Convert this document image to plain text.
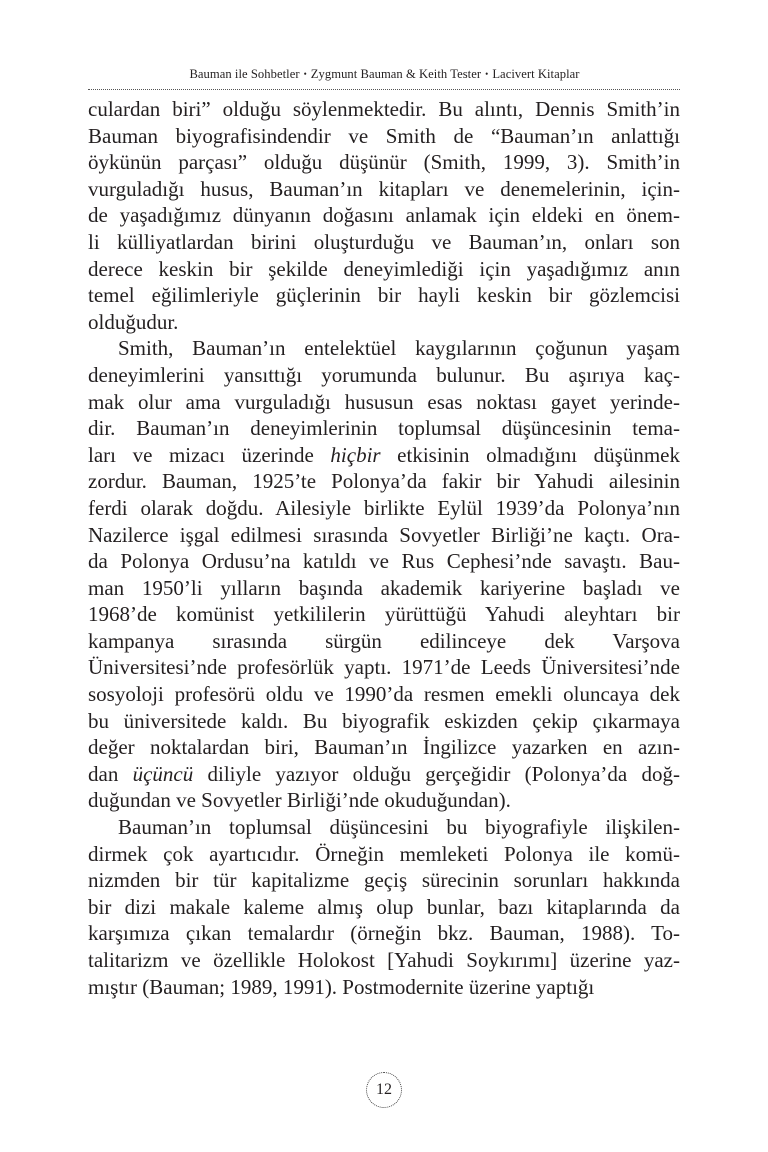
Bauman ile Sohbetler • Zygmunt Bauman & Keith Tester • Lacivert Kitaplar
culardan biri” olduğu söylenmektedir. Bu alıntı, Dennis Smith’in
Bauman biyografisindendir ve Smith de “Bauman’ın anlattığı
öykünün parçası” olduğu düşünür (Smith, 1999, 3). Smith’in
vurguladığı husus, Bauman’ın kitapları ve denemelerinin, için-
de yaşadığımız dünyanın doğasını anlamak için eldeki en önem-
li külliyatlardan birini oluşturduğu ve Bauman’ın, onları son
derece keskin bir şekilde deneyimlediği için yaşadığımız anın
temel eğilimleriyle güçlerinin bir hayli keskin bir gözlemcisi
olduğudur.
Smith, Bauman’ın entelektüel kaygılarının çoğunun yaşam
deneyimlerini yansıttığı yorumunda bulunur. Bu aşırıya kaç-
mak olur ama vurguladığı hususun esas noktası gayet yerinde-
dir. Bauman’ın deneyimlerinin toplumsal düşüncesinin tema-
ları ve mizacı üzerinde hiçbir etkisinin olmadığını düşünmek
zordur. Bauman, 1925’te Polonya’da fakir bir Yahudi ailesinin
ferdi olarak doğdu. Ailesiyle birlikte Eylül 1939’da Polonya’nın
Nazilerce işgal edilmesi sırasında Sovyetler Birliği’ne kaçtı. Ora-
da Polonya Ordusu’na katıldı ve Rus Cephesi’nde savaştı. Bau-
man 1950’li yılların başında akademik kariyerine başladı ve
1968’de komünist yetkililerin yürüttüğü Yahudi aleyhtarı bir
kampanya sırasında sürgün edilinceye dek Varşova
Üniversitesi’nde profesörlük yaptı. 1971’de Leeds Üniversitesi’nde
sosyoloji profesörü oldu ve 1990’da resmen emekli oluncaya dek
bu üniversitede kaldı. Bu biyografik eskizden çekip çıkarmaya
değer noktalardan biri, Bauman’ın İngilizce yazarken en azın-
dan üçüncü diliyle yazıyor olduğu gerçeğidir (Polonya’da doğ-
duğundan ve Sovyetler Birliği’nde okuduğundan).
Bauman’ın toplumsal düşüncesini bu biyografiyle ilişkilen-
dirmek çok ayartıcıdır. Örneğin memleketi Polonya ile komü-
nizmden bir tür kapitalizme geçiş sürecinin sorunları hakkında
bir dizi makale kaleme almış olup bunlar, bazı kitaplarında da
karşımıza çıkan temalardır (örneğin bkz. Bauman, 1988). To-
talitarizm ve özellikle Holokost [Yahudi Soykırımı] üzerine yaz-
mıştır (Bauman; 1989, 1991). Postmodernite üzerine yaptığı
12
